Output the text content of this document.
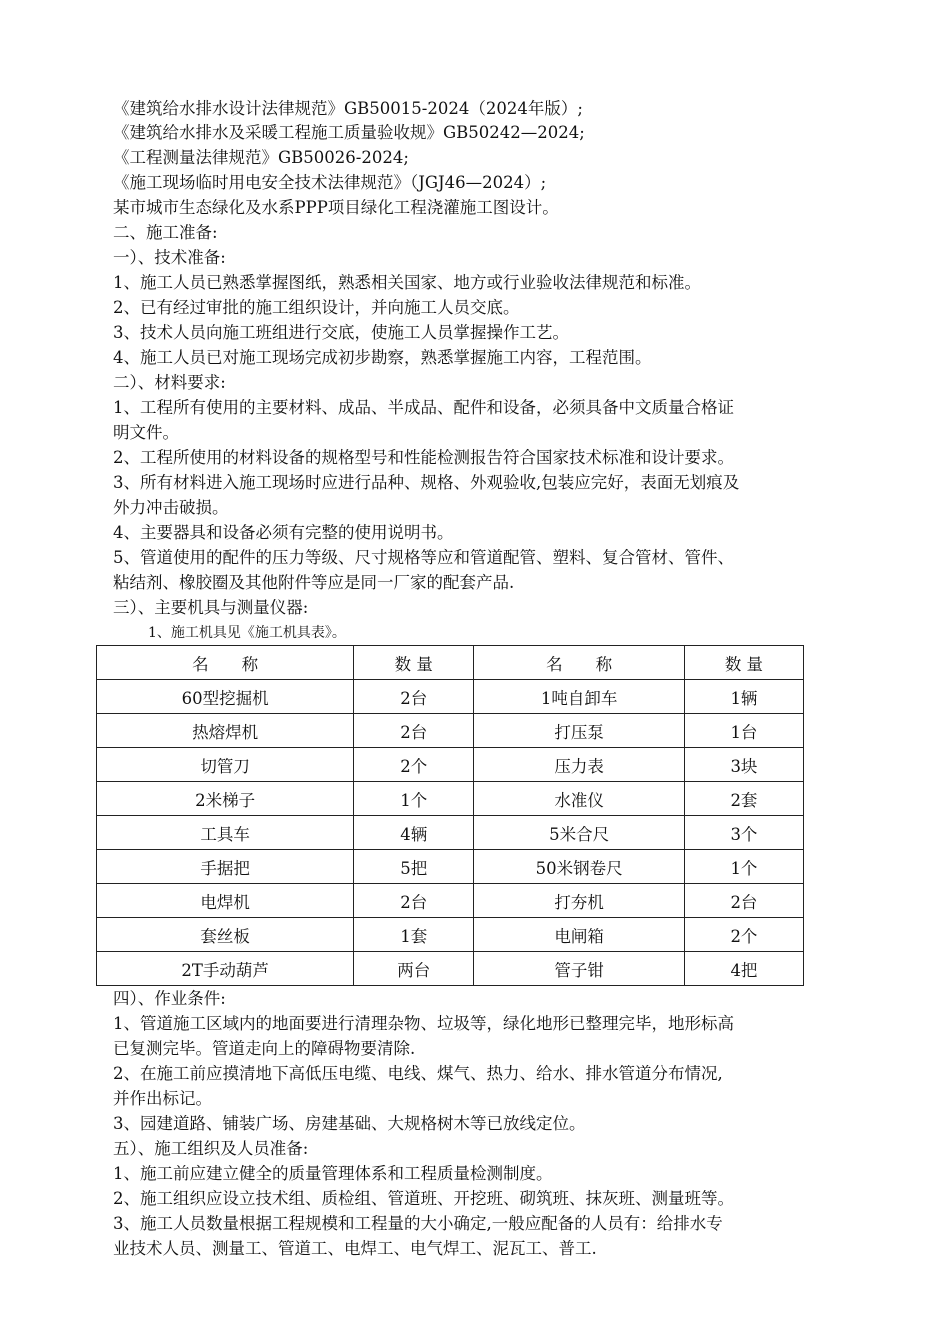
《建筑给水排水设计法律规范》GB50015-2024（2024年版）;
《建筑给水排水及采暖工程施工质量验收规》GB50242—2024;
《工程测量法律规范》GB50026-2024;
《施工现场临时用电安全技术法律规范》（JGJ46—2024）;
某市城市生态绿化及水系PPP项目绿化工程浇灌施工图设计。
二、施工准备:
一）、技术准备:
1、施工人员已熟悉掌握图纸，熟悉相关国家、地方或行业验收法律规范和标准。
2、已有经过审批的施工组织设计，并向施工人员交底。
3、技术人员向施工班组进行交底，使施工人员掌握操作工艺。
4、施工人员已对施工现场完成初步勘察，熟悉掌握施工内容，工程范围。
二）、材料要求:
1、工程所有使用的主要材料、成品、半成品、配件和设备，必须具备中文质量合格证
明文件。
2、工程所使用的材料设备的规格型号和性能检测报告符合国家技术标准和设计要求。
3、所有材料进入施工现场时应进行品种、规格、外观验收,包装应完好，表面无划痕及
外力冲击破损。
4、主要器具和设备必须有完整的使用说明书。
5、管道使用的配件的压力等级、尺寸规格等应和管道配管、塑料、复合管材、管件、
粘结剂、橡胶圈及其他附件等应是同一厂家的配套产品.
三）、主要机具与测量仪器:
1、施工机具见《施工机具表》。
名　　称	数 量	名　　称	数 量
60型挖掘机	2台	1吨自卸车	1辆
热熔焊机	2台	打压泵	1台
切管刀	2个	压力表	3块
2米梯子	1个	水准仪	2套
工具车	4辆	5米合尺	3个
手据把	5把	50米钢卷尺	1个
电焊机	2台	打夯机	2台
套丝板	1套	电闸箱	2个
2T手动葫芦	两台	管子钳	4把
四）、作业条件:
1、管道施工区域内的地面要进行清理杂物、垃圾等，绿化地形已整理完毕，地形标高
已复测完毕。管道走向上的障碍物要清除.
2、在施工前应摸清地下高低压电缆、电线、煤气、热力、给水、排水管道分布情况,
并作出标记。
3、园建道路、铺装广场、房建基础、大规格树木等已放线定位。
五）、施工组织及人员准备:
1、施工前应建立健全的质量管理体系和工程质量检测制度。
2、施工组织应设立技术组、质检组、管道班、开挖班、砌筑班、抹灰班、测量班等。
3、施工人员数量根据工程规模和工程量的大小确定,一般应配备的人员有：给排水专
业技术人员、测量工、管道工、电焊工、电气焊工、泥瓦工、普工.
